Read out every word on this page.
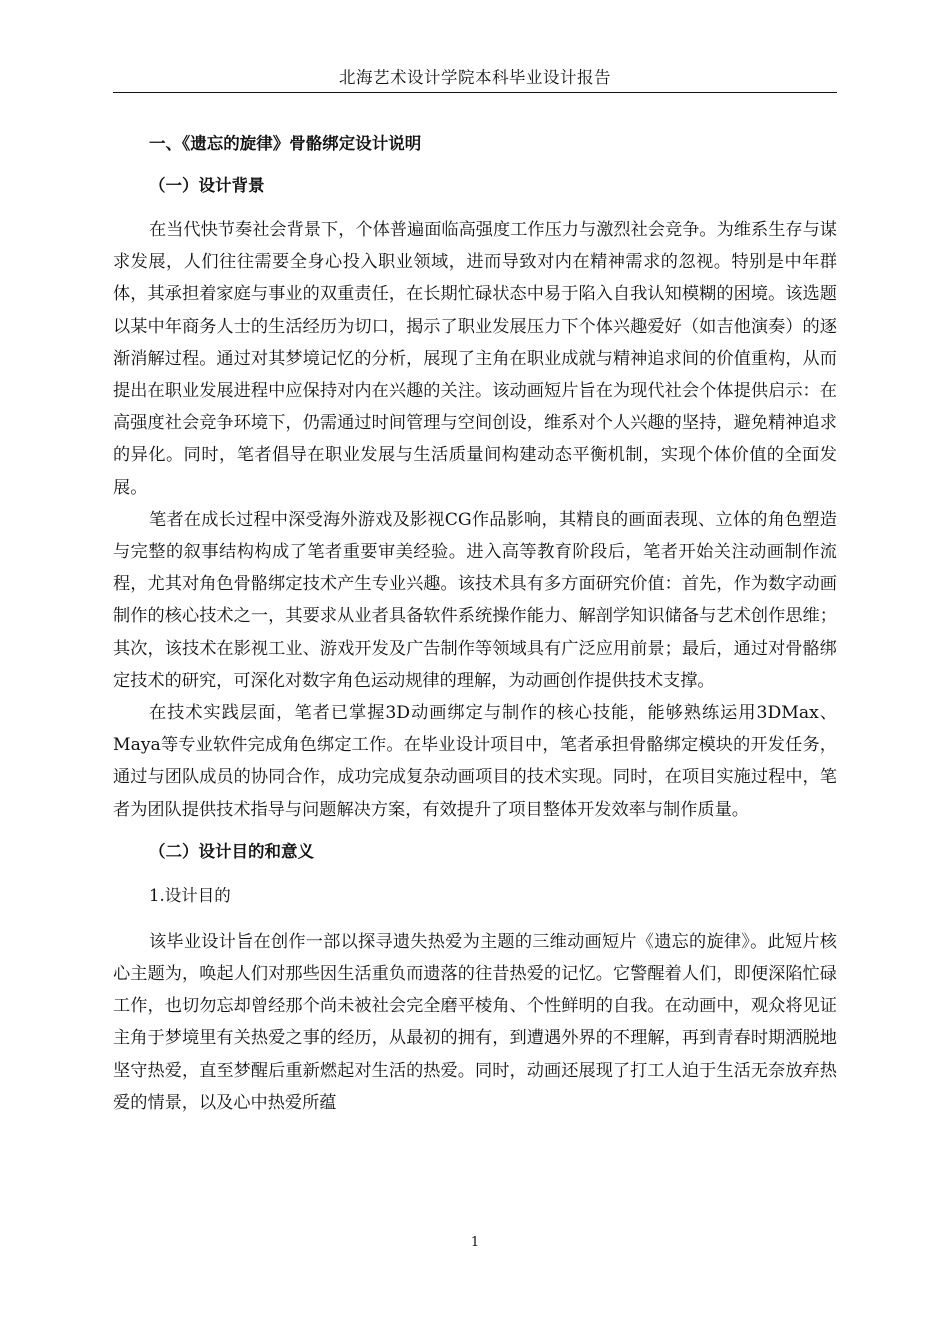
北海艺术设计学院本科毕业设计报告
一、《遗忘的旋律》骨骼绑定设计说明
（一）设计背景

在当代快节奏社会背景下，个体普遍面临高强度工作压力与激烈社会竞争。为维系生存与谋求发展，人们往往需要全身心投入职业领域，进而导致对内在精神需求的忽视。特别是中年群体，其承担着家庭与事业的双重责任，在长期忙碌状态中易于陷入自我认知模糊的困境。该选题以某中年商务人士的生活经历为切口，揭示了职业发展压力下个体兴趣爱好（如吉他演奏）的逐渐消解过程。通过对其梦境记忆的分析，展现了主角在职业成就与精神追求间的价值重构，从而提出在职业发展进程中应保持对内在兴趣的关注。该动画短片旨在为现代社会个体提供启示：在高强度社会竞争环境下，仍需通过时间管理与空间创设，维系对个人兴趣的坚持，避免精神追求的异化。同时，笔者倡导在职业发展与生活质量间构建动态平衡机制，实现个体价值的全面发展。

笔者在成长过程中深受海外游戏及影视CG作品影响，其精良的画面表现、立体的角色塑造与完整的叙事结构构成了笔者重要审美经验。进入高等教育阶段后，笔者开始关注动画制作流程，尤其对角色骨骼绑定技术产生专业兴趣。该技术具有多方面研究价值：首先，作为数字动画制作的核心技术之一，其要求从业者具备软件系统操作能力、解剖学知识储备与艺术创作思维；其次，该技术在影视工业、游戏开发及广告制作等领域具有广泛应用前景；最后，通过对骨骼绑定技术的研究，可深化对数字角色运动规律的理解，为动画创作提供技术支撑。

在技术实践层面，笔者已掌握3D动画绑定与制作的核心技能，能够熟练运用3DMax、Maya等专业软件完成角色绑定工作。在毕业设计项目中，笔者承担骨骼绑定模块的开发任务，通过与团队成员的协同合作，成功完成复杂动画项目的技术实现。同时，在项目实施过程中，笔者为团队提供技术指导与问题解决方案，有效提升了项目整体开发效率与制作质量。

（二）设计目的和意义
1.设计目的

该毕业设计旨在创作一部以探寻遗失热爱为主题的三维动画短片《遗忘的旋律》。此短片核心主题为，唤起人们对那些因生活重负而遗落的往昔热爱的记忆。它警醒着人们，即便深陷忙碌工作，也切勿忘却曾经那个尚未被社会完全磨平棱角、个性鲜明的自我。在动画中，观众将见证主角于梦境里有关热爱之事的经历，从最初的拥有，到遭遇外界的不理解，再到青春时期洒脱地坚守热爱，直至梦醒后重新燃起对生活的热爱。同时，动画还展现了打工人迫于生活无奈放弃热爱的情景，以及心中热爱所蕴

1
